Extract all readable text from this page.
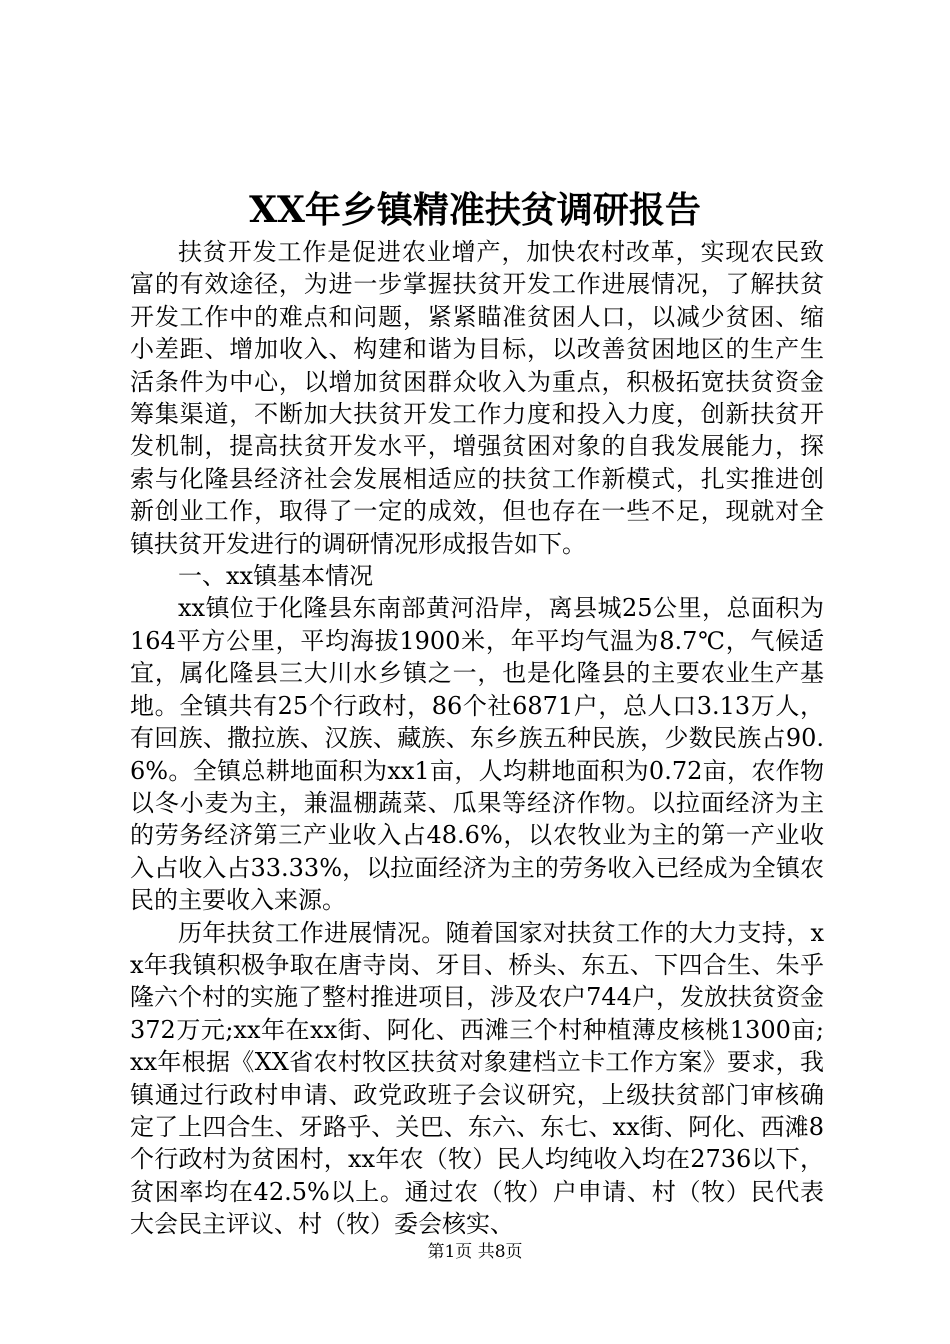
XX年乡镇精准扶贫调研报告

扶贫开发工作是促进农业增产，加快农村改革，实现农民致富的有效途径，为进一步掌握扶贫开发工作进展情况，了解扶贫开发工作中的难点和问题，紧紧瞄准贫困人口，以减少贫困、缩小差距、增加收入、构建和谐为目标，以改善贫困地区的生产生活条件为中心，以增加贫困群众收入为重点，积极拓宽扶贫资金筹集渠道，不断加大扶贫开发工作力度和投入力度，创新扶贫开发机制，提高扶贫开发水平，增强贫困对象的自我发展能力，探索与化隆县经济社会发展相适应的扶贫工作新模式，扎实推进创新创业工作，取得了一定的成效，但也存在一些不足，现就对全镇扶贫开发进行的调研情况形成报告如下。

一、xx镇基本情况

xx镇位于化隆县东南部黄河沿岸，离县城25公里，总面积为164平方公里，平均海拔1900米，年平均气温为8.7℃，气候适宜，属化隆县三大川水乡镇之一，也是化隆县的主要农业生产基地。全镇共有25个行政村，86个社6871户，总人口3.13万人，有回族、撒拉族、汉族、藏族、东乡族五种民族，少数民族占90.6%。全镇总耕地面积为xx1亩，人均耕地面积为0.72亩，农作物以冬小麦为主，兼温棚蔬菜、瓜果等经济作物。以拉面经济为主的劳务经济第三产业收入占48.6%，以农牧业为主的第一产业收入占收入占33.33%，以拉面经济为主的劳务收入已经成为全镇农民的主要收入来源。

历年扶贫工作进展情况。随着国家对扶贫工作的大力支持，xx年我镇积极争取在唐寺岗、牙目、桥头、东五、下四合生、朱乎隆六个村的实施了整村推进项目，涉及农户744户，发放扶贫资金372万元;xx年在xx街、阿化、西滩三个村种植薄皮核桃1300亩;xx年根据《XX省农村牧区扶贫对象建档立卡工作方案》要求，我镇通过行政村申请、政党政班子会议研究，上级扶贫部门审核确定了上四合生、牙路乎、关巴、东六、东七、xx街、阿化、西滩8个行政村为贫困村，xx年农（牧）民人均纯收入均在2736以下，贫困率均在42.5%以上。通过农（牧）户申请、村（牧）民代表大会民主评议、村（牧）委会核实、

第1页 共8页
